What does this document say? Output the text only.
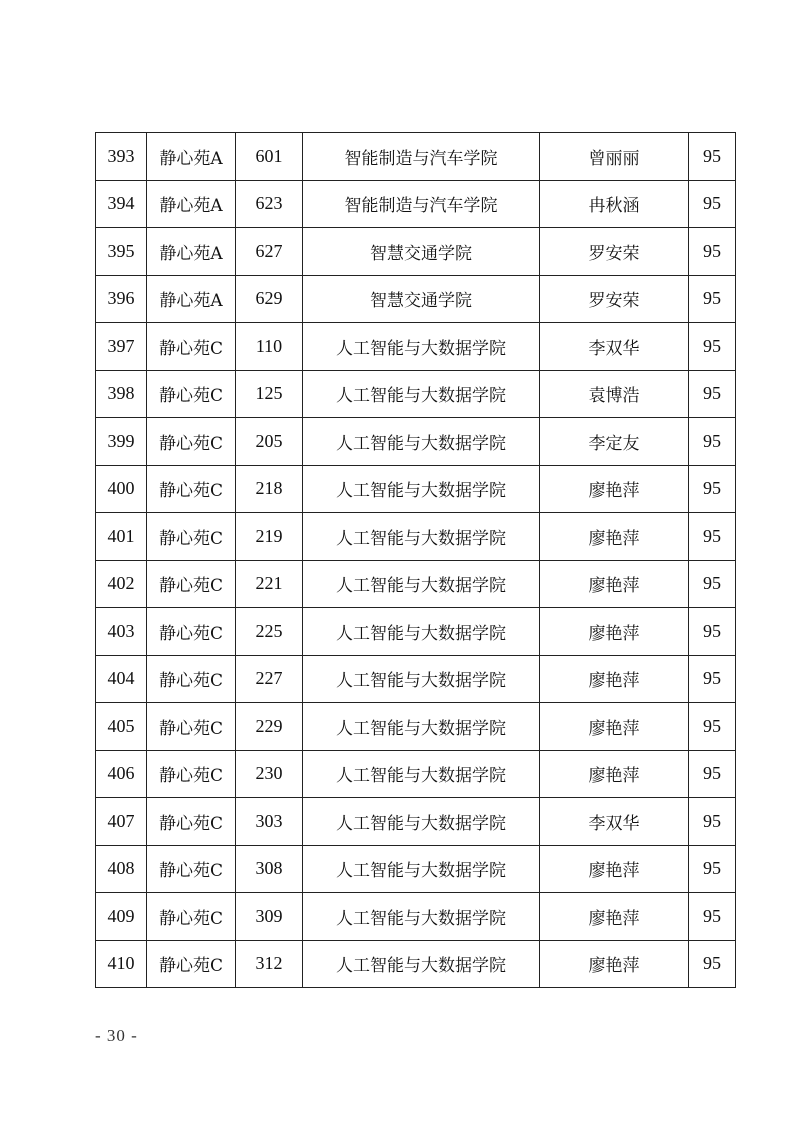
393	静心苑A	601	智能制造与汽车学院	曾丽丽	95
394	静心苑A	623	智能制造与汽车学院	冉秋涵	95
395	静心苑A	627	智慧交通学院	罗安荣	95
396	静心苑A	629	智慧交通学院	罗安荣	95
397	静心苑C	110	人工智能与大数据学院	李双华	95
398	静心苑C	125	人工智能与大数据学院	袁博浩	95
399	静心苑C	205	人工智能与大数据学院	李定友	95
400	静心苑C	218	人工智能与大数据学院	廖艳萍	95
401	静心苑C	219	人工智能与大数据学院	廖艳萍	95
402	静心苑C	221	人工智能与大数据学院	廖艳萍	95
403	静心苑C	225	人工智能与大数据学院	廖艳萍	95
404	静心苑C	227	人工智能与大数据学院	廖艳萍	95
405	静心苑C	229	人工智能与大数据学院	廖艳萍	95
406	静心苑C	230	人工智能与大数据学院	廖艳萍	95
407	静心苑C	303	人工智能与大数据学院	李双华	95
408	静心苑C	308	人工智能与大数据学院	廖艳萍	95
409	静心苑C	309	人工智能与大数据学院	廖艳萍	95
410	静心苑C	312	人工智能与大数据学院	廖艳萍	95
- 30 -
